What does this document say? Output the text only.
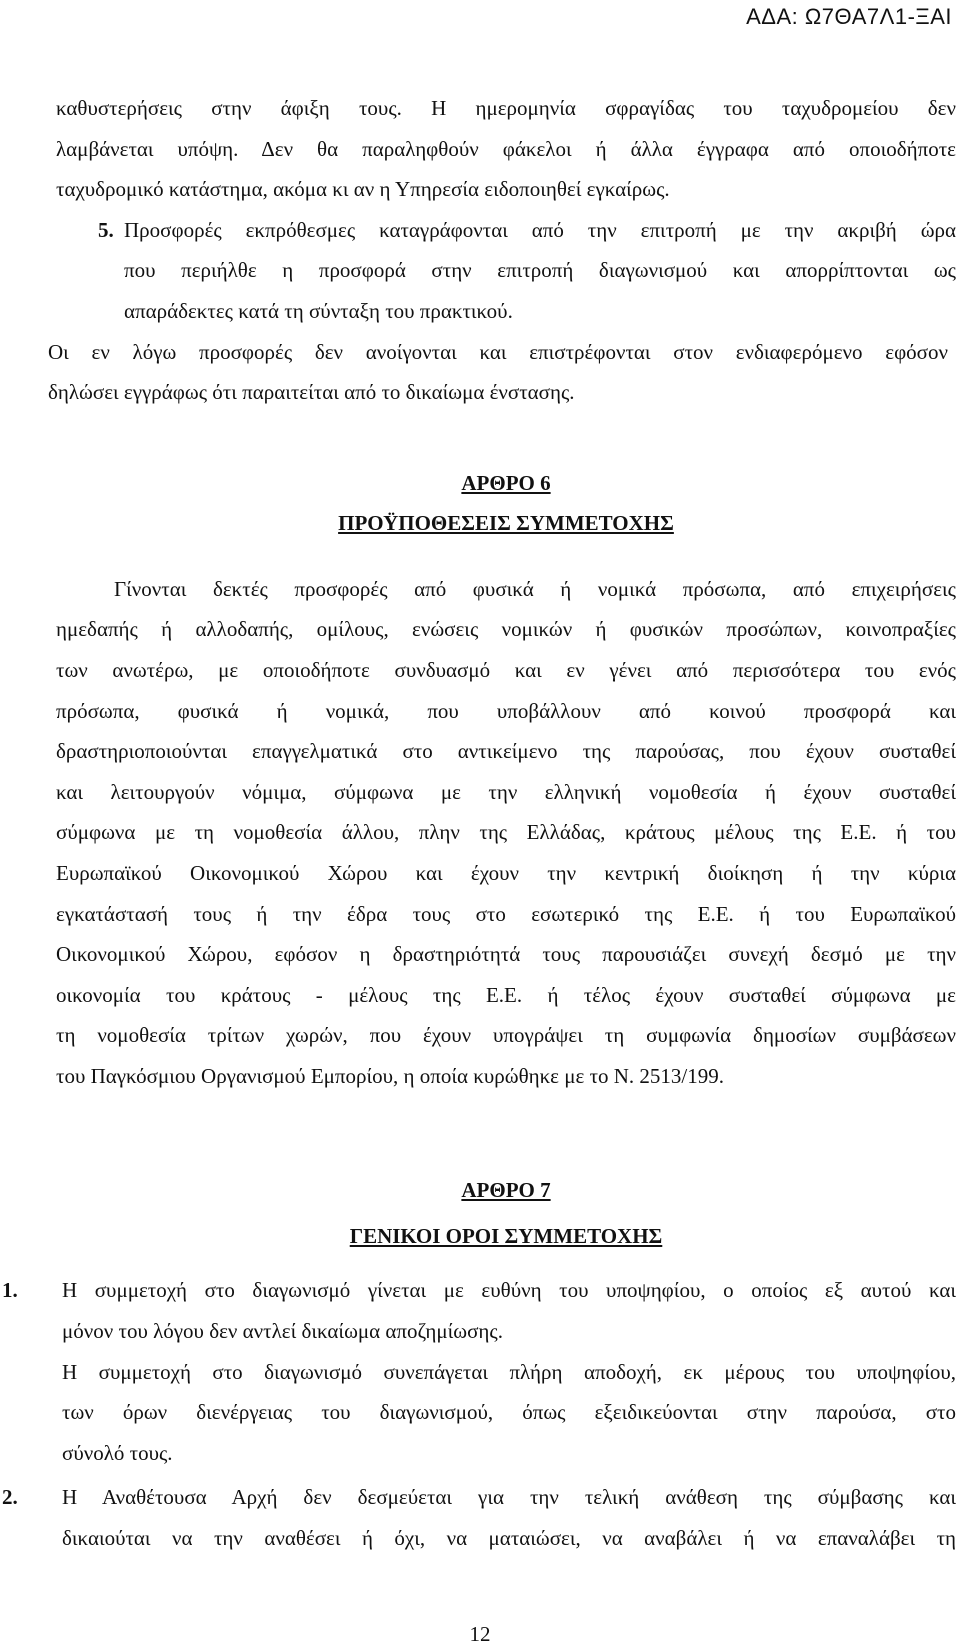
ΑΔΑ: Ω7ΘΑ7Λ1-ΞΑΙ
καθυστερήσεις στην άφιξη τους. Η ημερομηνία σφραγίδας του ταχυδρομείου δεν
λαμβάνεται υπόψη. Δεν θα παραληφθούν φάκελοι ή άλλα έγγραφα από οποιοδήποτε
ταχυδρομικό κατάστημα, ακόμα κι αν η Υπηρεσία ειδοποιηθεί εγκαίρως.
5. Προσφορές εκπρόθεσμες καταγράφονται από την επιτροπή με την ακριβή ώρα
που περιήλθε η προσφορά στην επιτροπή διαγωνισμού και απορρίπτονται ως
απαράδεκτες κατά τη σύνταξη του πρακτικού.
Οι εν λόγω προσφορές δεν ανοίγονται και επιστρέφονται στον ενδιαφερόμενο εφόσον
δηλώσει εγγράφως ότι παραιτείται από το δικαίωμα ένστασης.
ΑΡΘΡΟ 6
ΠΡΟΫΠΟΘΕΣΕΙΣ ΣΥΜΜΕΤΟΧΗΣ
Γίνονται δεκτές προσφορές από φυσικά ή νομικά πρόσωπα, από επιχειρήσεις
ημεδαπής ή αλλοδαπής, ομίλους, ενώσεις νομικών ή φυσικών προσώπων, κοινοπραξίες
των ανωτέρω, με οποιοδήποτε συνδυασμό και εν γένει από περισσότερα του ενός
πρόσωπα, φυσικά ή νομικά, που υποβάλλουν από κοινού προσφορά και
δραστηριοποιούνται επαγγελματικά στο αντικείμενο της παρούσας, που έχουν συσταθεί
και λειτουργούν νόμιμα, σύμφωνα με την ελληνική νομοθεσία ή έχουν συσταθεί
σύμφωνα με τη νομοθεσία άλλου, πλην της Ελλάδας, κράτους μέλους της Ε.Ε. ή του
Ευρωπαϊκού Οικονομικού Χώρου και έχουν την κεντρική διοίκηση ή την κύρια
εγκατάστασή τους ή την έδρα τους στο εσωτερικό της Ε.Ε. ή του Ευρωπαϊκού
Οικονομικού Χώρου, εφόσον η δραστηριότητά τους παρουσιάζει συνεχή δεσμό με την
οικονομία του κράτους - μέλους της Ε.Ε. ή τέλος έχουν συσταθεί σύμφωνα με
τη νομοθεσία τρίτων χωρών, που έχουν υπογράψει τη συμφωνία δημοσίων συμβάσεων
του Παγκόσμιου Οργανισμού Εμπορίου, η οποία κυρώθηκε με το Ν. 2513/199.
ΑΡΘΡΟ 7
ΓΕΝΙΚΟΙ ΟΡΟΙ ΣΥΜΜΕΤΟΧΗΣ
1. Η συμμετοχή στο διαγωνισμό γίνεται με ευθύνη του υποψηφίου, ο οποίος εξ αυτού και
μόνον του λόγου δεν αντλεί δικαίωμα αποζημίωσης.
Η συμμετοχή στο διαγωνισμό συνεπάγεται πλήρη αποδοχή, εκ μέρους του υποψηφίου,
των όρων διενέργειας του διαγωνισμού, όπως εξειδικεύονται στην παρούσα, στο
σύνολό τους.
2. Η Αναθέτουσα Αρχή δεν δεσμεύεται για την τελική ανάθεση της σύμβασης και
δικαιούται να την αναθέσει ή όχι, να ματαιώσει, να αναβάλει ή να επαναλάβει τη
12
